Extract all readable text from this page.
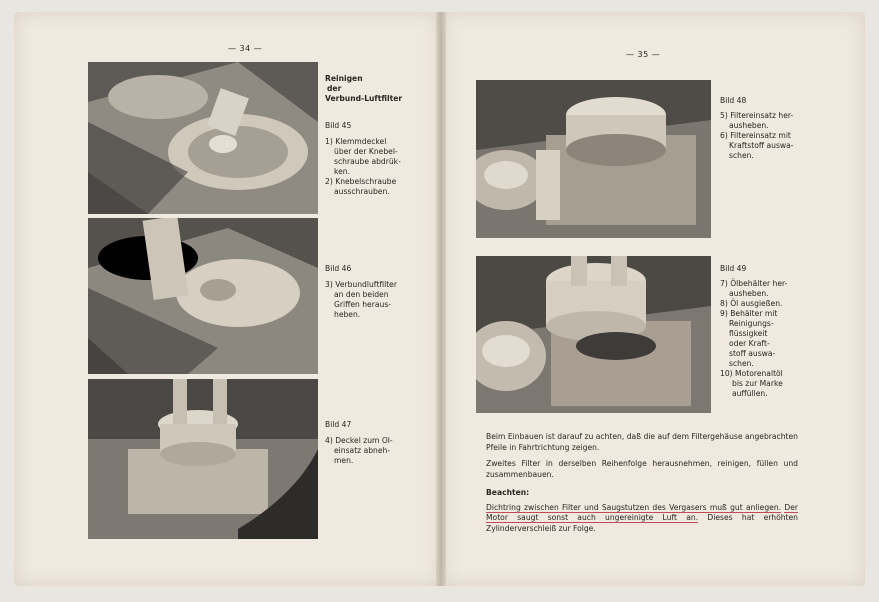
— 34 —
Reinigen
der
Verbund-Luftfilter
Bild 45
1) Klemmdeckel
über der Knebel-
schraube abdrük-
ken.
2) Knebelschraube
ausschrauben.
Bild 46
3) Verbundluftfilter
an den beiden
Griffen heraus-
heben.
Bild 47
4) Deckel zum Ol-
einsatz abneh-
men.
— 35 —
Bild 48
5) Filtereinsatz her-
ausheben.
6) Filtereinsatz mit
Kraftstoff auswa-
schen.
Bild 49
7) Ölbehälter her-
ausheben.
8) Öl ausgießen.
9) Behälter mit
Reinigungs-
flüssigkeit
oder Kraft-
stoff auswa-
schen.
10) Motorenaltöl
bis zur Marke
auffüllen.

Beim Einbauen ist darauf zu achten, daß die auf dem Filtergehäuse angebrachten Pfeile in Fahrtrichtung zeigen.

Zweites Filter in derselben Reihenfolge herausnehmen, reinigen, füllen und zusammenbauen.

Beachten:

Dichtring zwischen Filter und Saugstutzen des Vergasers muß gut anliegen. Der Motor saugt sonst auch ungereinigte Luft an. Dieses hat erhöhten Zylinderverschleiß zur Folge.
